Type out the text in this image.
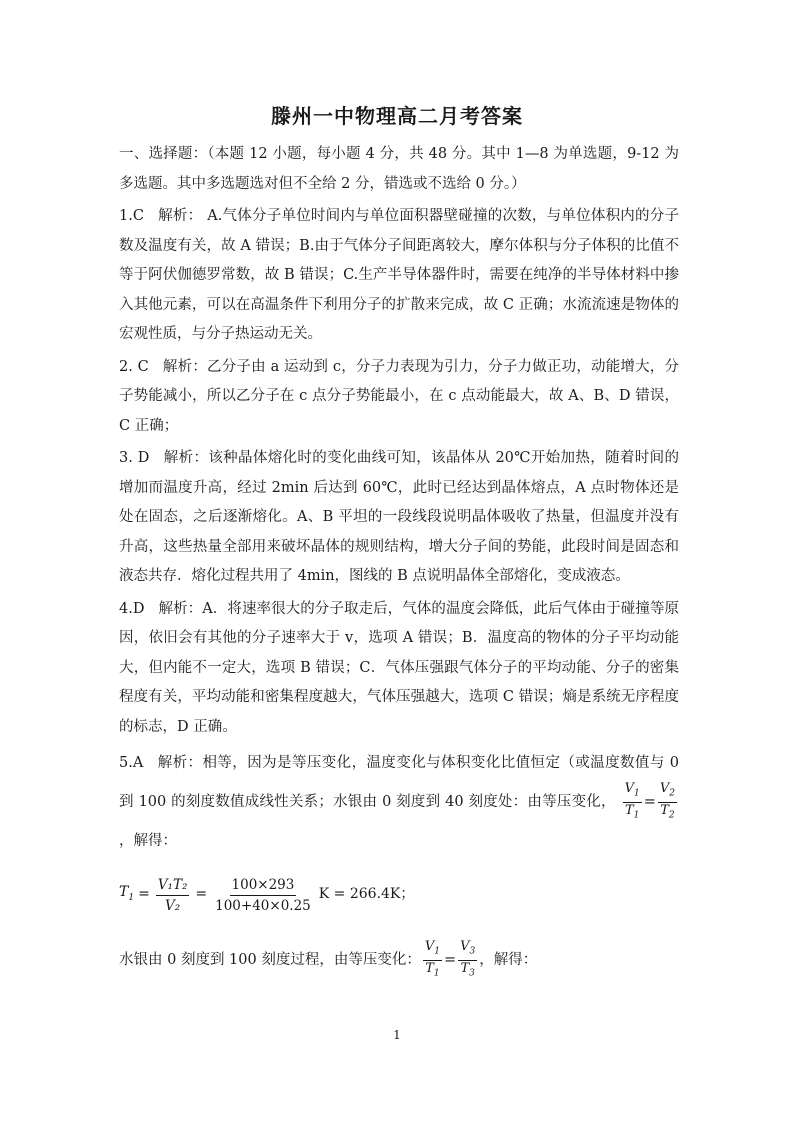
滕州一中物理高二月考答案

一、选择题：（本题 12 小题，每小题 4 分，共 48 分。其中 1—8 为单选题，9-12 为多选题。其中多选题选对但不全给 2 分，错选或不选给 0 分。）

1.C 解析： A.气体分子单位时间内与单位面积器壁碰撞的次数，与单位体积内的分子数及温度有关，故 A 错误；B.由于气体分子间距离较大，摩尔体积与分子体积的比值不等于阿伏伽德罗常数，故 B 错误；C.生产半导体器件时，需要在纯净的半导体材料中掺入其他元素，可以在高温条件下利用分子的扩散来完成，故 C 正确；水流流速是物体的宏观性质，与分子热运动无关。

2. C 解析：乙分子由 a 运动到 c，分子力表现为引力，分子力做正功，动能增大，分子势能减小，所以乙分子在 c 点分子势能最小，在 c 点动能最大，故 A、B、D 错误，C 正确；

3. D 解析：该种晶体熔化时的变化曲线可知，该晶体从 20℃开始加热，随着时间的增加而温度升高，经过 2min 后达到 60℃，此时已经达到晶体熔点，A 点时物体还是处在固态，之后逐渐熔化。A、B 平坦的一段线段说明晶体吸收了热量，但温度并没有升高，这些热量全部用来破坏晶体的规则结构，增大分子间的势能，此段时间是固态和液态共存．熔化过程共用了 4min，图线的 B 点说明晶体全部熔化，变成液态。

4.D 解析：A．将速率很大的分子取走后，气体的温度会降低，此后气体由于碰撞等原因，依旧会有其他的分子速率大于 v，选项 A 错误；B．温度高的物体的分子平均动能大，但内能不一定大，选项 B 错误；C．气体压强跟气体分子的平均动能、分子的密集程度有关，平均动能和密集程度越大，气体压强越大，选项 C 错误；熵是系统无序程度的标志，D 正确。

5.A 解析：相等，因为是等压变化，温度变化与体积变化比值恒定（或温度数值与 0 到 100 的刻度数值成线性关系；水银由 0 刻度到 40 刻度处：由等压变化， $\frac{V_1}{T_1} = \frac{V_2}{T_2}$
，解得：

$T_1 = \frac{\text{V₁T₂}}{\text{V₂}} = \frac{100\times 293}{100+40\times 0.25}$ K = 266.4K；

水银由 0 刻度到 100 刻度过程，由等压变化： $\frac{V_1}{T_1} = \frac{V_3}{T_3}$ ，解得：

1
